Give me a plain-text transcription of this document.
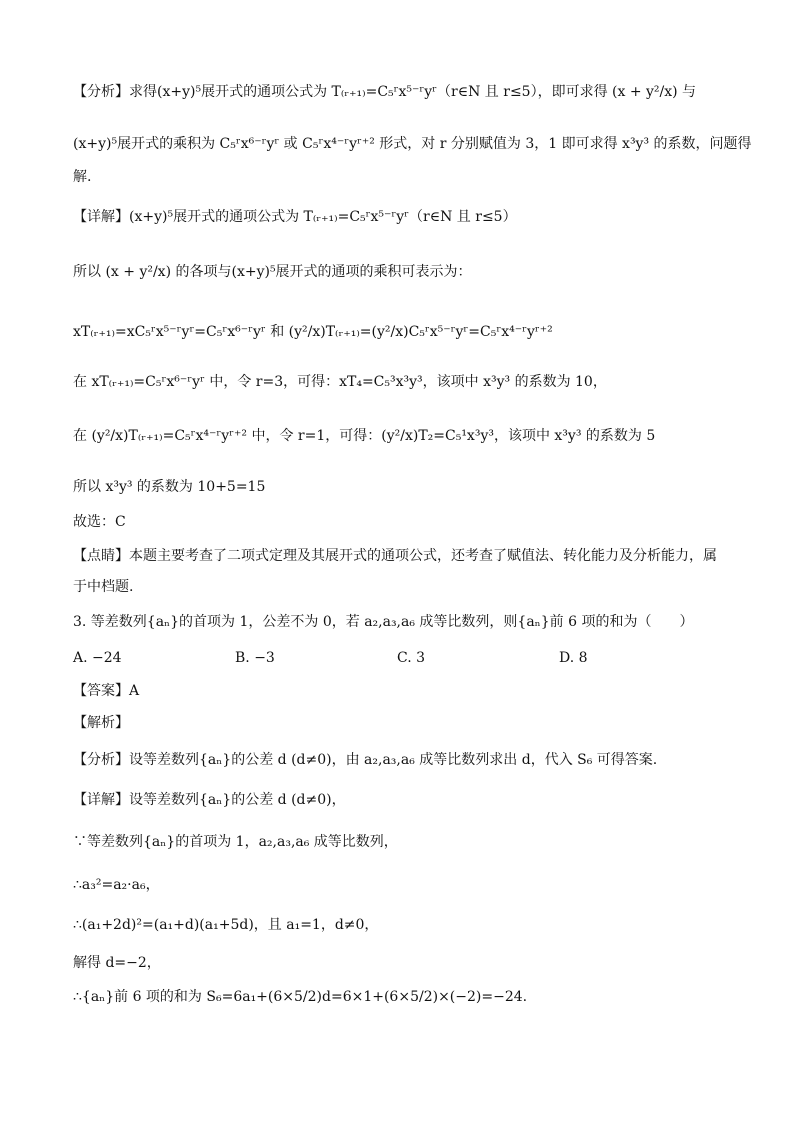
【分析】求得(x+y)⁵展开式的通项公式为 T₍ᵣ₊₁₎=C₅ʳx⁵⁻ʳyʳ（r∈N 且 r≤5），即可求得 (x + y²/x) 与
(x+y)⁵展开式的乘积为 C₅ʳx⁶⁻ʳyʳ 或 C₅ʳx⁴⁻ʳyʳ⁺² 形式，对 r 分别赋值为 3，1 即可求得 x³y³ 的系数，问题得
解.
【详解】(x+y)⁵展开式的通项公式为 T₍ᵣ₊₁₎=C₅ʳx⁵⁻ʳyʳ（r∈N 且 r≤5）
所以 (x + y²/x) 的各项与(x+y)⁵展开式的通项的乘积可表示为：
xT₍ᵣ₊₁₎=xC₅ʳx⁵⁻ʳyʳ=C₅ʳx⁶⁻ʳyʳ 和 (y²/x)T₍ᵣ₊₁₎=(y²/x)C₅ʳx⁵⁻ʳyʳ=C₅ʳx⁴⁻ʳyʳ⁺²
在 xT₍ᵣ₊₁₎=C₅ʳx⁶⁻ʳyʳ 中，令 r=3，可得：xT₄=C₅³x³y³，该项中 x³y³ 的系数为 10，
在 (y²/x)T₍ᵣ₊₁₎=C₅ʳx⁴⁻ʳyʳ⁺² 中，令 r=1，可得：(y²/x)T₂=C₅¹x³y³，该项中 x³y³ 的系数为 5
所以 x³y³ 的系数为 10+5=15
故选：C
【点睛】本题主要考查了二项式定理及其展开式的通项公式，还考查了赋值法、转化能力及分析能力，属
于中档题.
3. 等差数列{aₙ}的首项为 1，公差不为 0，若 a₂,a₃,a₆ 成等比数列，则{aₙ}前 6 项的和为（　　）
A. −24	B. −3	C. 3	D. 8
【答案】A
【解析】
【分析】设等差数列{aₙ}的公差 d (d≠0)，由 a₂,a₃,a₆ 成等比数列求出 d，代入 S₆ 可得答案.
【详解】设等差数列{aₙ}的公差 d (d≠0)，
∵等差数列{aₙ}的首项为 1，a₂,a₃,a₆ 成等比数列，
∴a₃²=a₂·a₆，
∴(a₁+2d)²=(a₁+d)(a₁+5d)，且 a₁=1，d≠0，
解得 d=−2，
∴{aₙ}前 6 项的和为 S₆=6a₁+(6×5/2)d=6×1+(6×5/2)×(−2)=−24.
